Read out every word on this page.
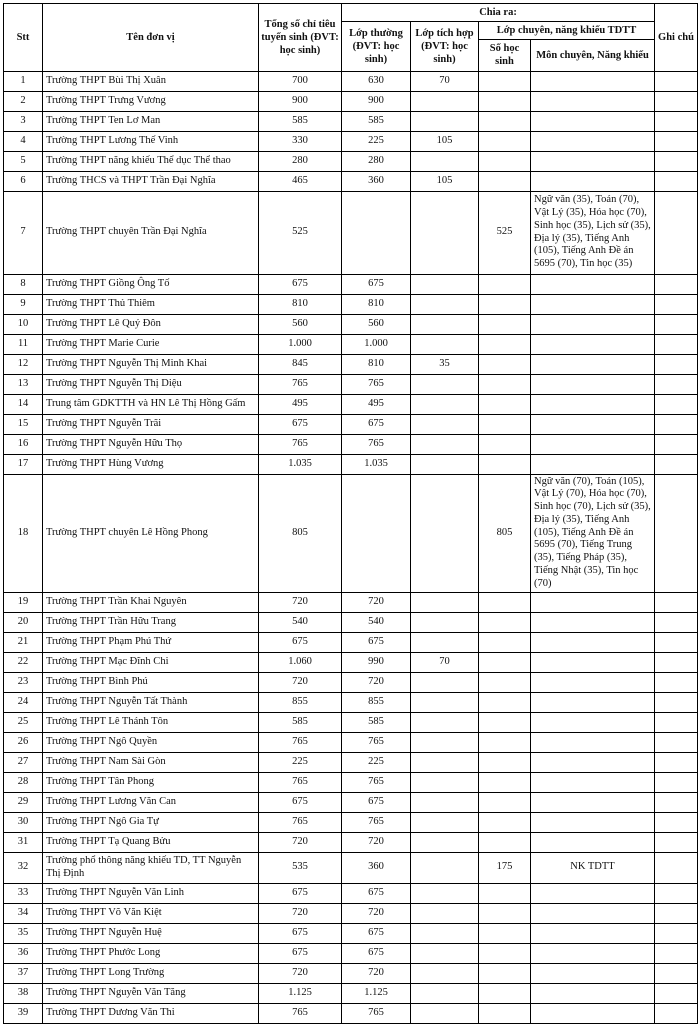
Stt	Tên đơn vị	Tổng số chỉ tiêu tuyển sinh (ĐVT: học sinh)	Chia ra:				Ghi chú
			Lớp thường (ĐVT: học sinh)	Lớp tích hợp (ĐVT: học sinh)	Lớp chuyên, năng khiếu TDTT		
					Số học sinh	Môn chuyên, Năng khiếu	
1	Trường THPT Bùi Thị Xuân	700	630	70			
2	Trường THPT Trưng Vương	900	900				
3	Trường THPT Ten Lơ Man	585	585				
4	Trường THPT Lương Thế Vinh	330	225	105			
5	Trường THPT năng khiếu Thể dục Thể thao	280	280				
6	Trường THCS và THPT Trần Đại Nghĩa	465	360	105			
7	Trường THPT chuyên Trần Đại Nghĩa	525			525	Ngữ văn (35), Toán (70), Vật Lý (35), Hóa học (70), Sinh học (35), Lịch sử (35), Địa lý (35), Tiếng Anh (105), Tiếng Anh Đề án 5695 (70), Tin học (35)	
8	Trường THPT Giồng Ông Tố	675	675				
9	Trường THPT Thủ Thiêm	810	810				
10	Trường THPT Lê Quý Đôn	560	560				
11	Trường THPT Marie Curie	1.000	1.000				
12	Trường THPT Nguyễn Thị Minh Khai	845	810	35			
13	Trường THPT Nguyễn Thị Diệu	765	765				
14	Trung tâm GDKTTH và HN Lê Thị Hồng Gấm	495	495				
15	Trường THPT Nguyễn Trãi	675	675				
16	Trường THPT Nguyễn Hữu Thọ	765	765				
17	Trường THPT Hùng Vương	1.035	1.035				
18	Trường THPT chuyên Lê Hồng Phong	805			805	Ngữ văn (70), Toán (105), Vật Lý (70), Hóa học (70), Sinh học (70), Lịch sử (35), Địa lý (35), Tiếng Anh (105), Tiếng Anh Đề án 5695 (70), Tiếng Trung (35), Tiếng Pháp (35), Tiếng Nhật (35), Tin học (70)	
19	Trường THPT Trần Khai Nguyên	720	720				
20	Trường THPT Trần Hữu Trang	540	540				
21	Trường THPT Phạm Phú Thứ	675	675				
22	Trường THPT Mạc Đĩnh Chi	1.060	990	70			
23	Trường THPT Bình Phú	720	720				
24	Trường THPT Nguyễn Tất Thành	855	855				
25	Trường THPT Lê Thánh Tôn	585	585				
26	Trường THPT Ngô Quyền	765	765				
27	Trường THPT Nam Sài Gòn	225	225				
28	Trường THPT Tân Phong	765	765				
29	Trường THPT Lương Văn Can	675	675				
30	Trường THPT Ngô Gia Tự	765	765				
31	Trường THPT Tạ Quang Bửu	720	720				
32	Trường phổ thông năng khiếu TD, TT Nguyễn Thị Định	535	360		175	NK TDTT	
33	Trường THPT Nguyễn Văn Linh	675	675				
34	Trường THPT Võ Văn Kiệt	720	720				
35	Trường THPT Nguyễn Huệ	675	675				
36	Trường THPT Phước Long	675	675				
37	Trường THPT Long Trường	720	720				
38	Trường THPT Nguyễn Văn Tăng	1.125	1.125				
39	Trường THPT Dương Văn Thi	765	765				
